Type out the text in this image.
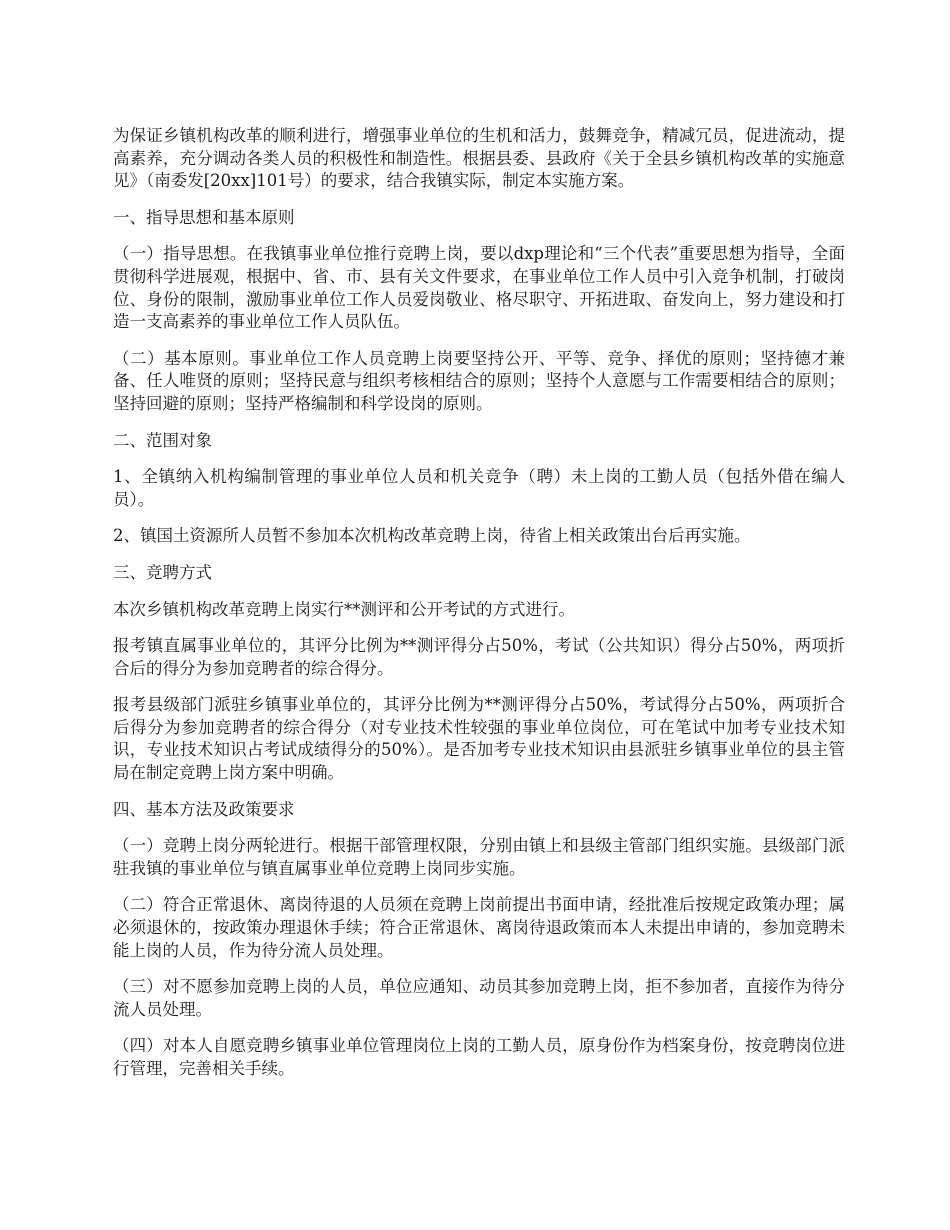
为保证乡镇机构改革的顺利进行，增强事业单位的生机和活力，鼓舞竞争，精减冗员，促进流动，提高素养，充分调动各类人员的积极性和制造性。根据县委、县政府《关于全县乡镇机构改革的实施意见》（南委发[20xx]101号）的要求，结合我镇实际，制定本实施方案。

一、指导思想和基本原则

（一）指导思想。在我镇事业单位推行竞聘上岗，要以dxp理论和“三个代表”重要思想为指导，全面贯彻科学进展观，根据中、省、市、县有关文件要求，在事业单位工作人员中引入竞争机制，打破岗位、身份的限制，激励事业单位工作人员爱岗敬业、格尽职守、开拓进取、奋发向上，努力建设和打造一支高素养的事业单位工作人员队伍。

（二）基本原则。事业单位工作人员竞聘上岗要坚持公开、平等、竞争、择优的原则；坚持德才兼备、任人唯贤的原则；坚持民意与组织考核相结合的原则；坚持个人意愿与工作需要相结合的原则；坚持回避的原则；坚持严格编制和科学设岗的原则。

二、范围对象

1、全镇纳入机构编制管理的事业单位人员和机关竞争（聘）未上岗的工勤人员（包括外借在编人员）。

2、镇国土资源所人员暂不参加本次机构改革竞聘上岗，待省上相关政策出台后再实施。

三、竞聘方式

本次乡镇机构改革竞聘上岗实行**测评和公开考试的方式进行。

报考镇直属事业单位的，其评分比例为**测评得分占50%，考试（公共知识）得分占50%，两项折合后的得分为参加竞聘者的综合得分。

报考县级部门派驻乡镇事业单位的，其评分比例为**测评得分占50%，考试得分占50%，两项折合后得分为参加竞聘者的综合得分（对专业技术性较强的事业单位岗位，可在笔试中加考专业技术知识，专业技术知识占考试成绩得分的50%）。是否加考专业技术知识由县派驻乡镇事业单位的县主管局在制定竞聘上岗方案中明确。

四、基本方法及政策要求

（一）竞聘上岗分两轮进行。根据干部管理权限，分别由镇上和县级主管部门组织实施。县级部门派驻我镇的事业单位与镇直属事业单位竞聘上岗同步实施。

（二）符合正常退休、离岗待退的人员须在竞聘上岗前提出书面申请，经批准后按规定政策办理；属必须退休的，按政策办理退休手续；符合正常退休、离岗待退政策而本人未提出申请的，参加竞聘未能上岗的人员，作为待分流人员处理。

（三）对不愿参加竞聘上岗的人员，单位应通知、动员其参加竞聘上岗，拒不参加者，直接作为待分流人员处理。

（四）对本人自愿竞聘乡镇事业单位管理岗位上岗的工勤人员，原身份作为档案身份，按竞聘岗位进行管理，完善相关手续。
